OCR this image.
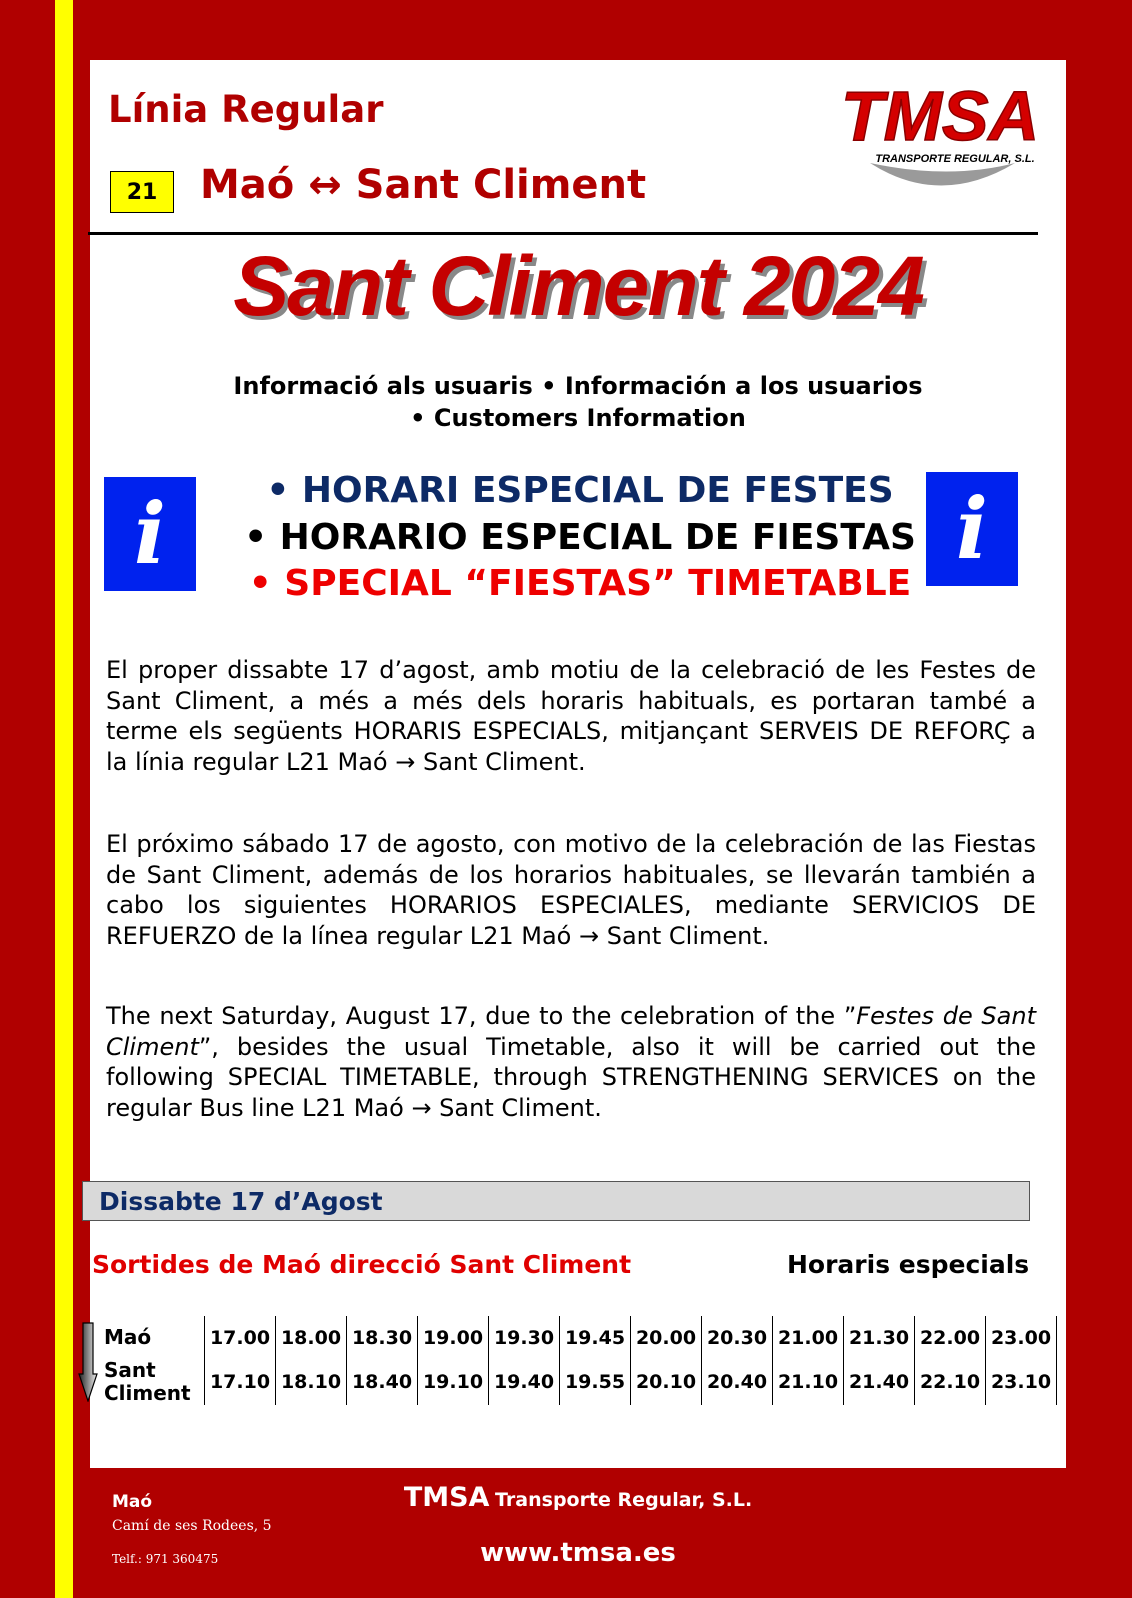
Línia Regular
21	Maó ↔ Sant Climent
TMSA
TRANSPORTE REGULAR, S.L.
Sant Climent 2024
Informació als usuaris • Información a los usuarios
• Customers Information
i	i
• HORARI ESPECIAL DE FESTES
• HORARIO ESPECIAL DE FIESTAS
• SPECIAL “FIESTAS” TIMETABLE
El proper dissabte 17 d’agost, amb motiu de la celebració de les Festes de Sant Climent, a més a més dels horaris habituals, es portaran també a terme els següents HORARIS ESPECIALS, mitjançant SERVEIS DE REFORÇ a la línia regular L21 Maó → Sant Climent.
El próximo sábado 17 de agosto, con motivo de la celebración de las Fiestas de Sant Climent, además de los horarios habituales, se llevarán también a cabo los siguientes HORARIOS ESPECIALES, mediante SERVICIOS DE REFUERZO de la línea regular L21 Maó → Sant Climent.
The next Saturday, August 17, due to the celebration of the ”Festes de Sant Climent”, besides the usual Timetable, also it will be carried out the following SPECIAL TIMETABLE, through STRENGTHENING SERVICES on the regular Bus line L21 Maó → Sant Climent.
Dissabte 17 d’Agost
Sortides de Maó direcció Sant Climent	Horaris especials
Maó	17.00	18.00	18.30	19.00	19.30	19.45	20.00	20.30	21.00	21.30	22.00	23.00
Sant
Climent	17.10	18.10	18.40	19.10	19.40	19.55	20.10	20.40	21.10	21.40	22.10	23.10
Maó
Camí de ses Rodees, 5
Telf.: 971 360475
TMSA Transporte Regular, S.L.
www.tmsa.es
